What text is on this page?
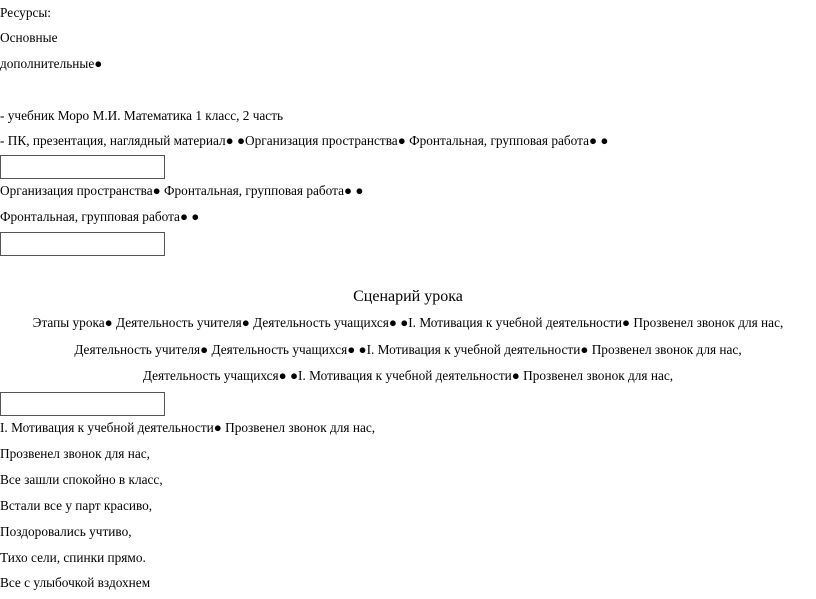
Ресурсы:
Основные
дополнительные●
- учебник Моро М.И. Математика 1 класс, 2 часть
- ПК, презентация, наглядный материал● ●Организация пространства● Фронтальная, групповая работа● ●
Организация пространства● Фронтальная, групповая работа● ●
Фронтальная, групповая работа● ●
Сценарий урока
Этапы урока● Деятельность учителя● Деятельность учащихся● ●I. Мотивация к учебной деятельности● Прозвенел звонок для нас,
Деятельность учителя● Деятельность учащихся● ●I. Мотивация к учебной деятельности● Прозвенел звонок для нас,
Деятельность учащихся● ●I. Мотивация к учебной деятельности● Прозвенел звонок для нас,
I. Мотивация к учебной деятельности● Прозвенел звонок для нас,
Прозвенел звонок для нас,
Все зашли спокойно в класс,
Встали все у парт красиво,
Поздоровались учтиво,
Тихо сели, спинки прямо.
Все с улыбочкой вздохнем
